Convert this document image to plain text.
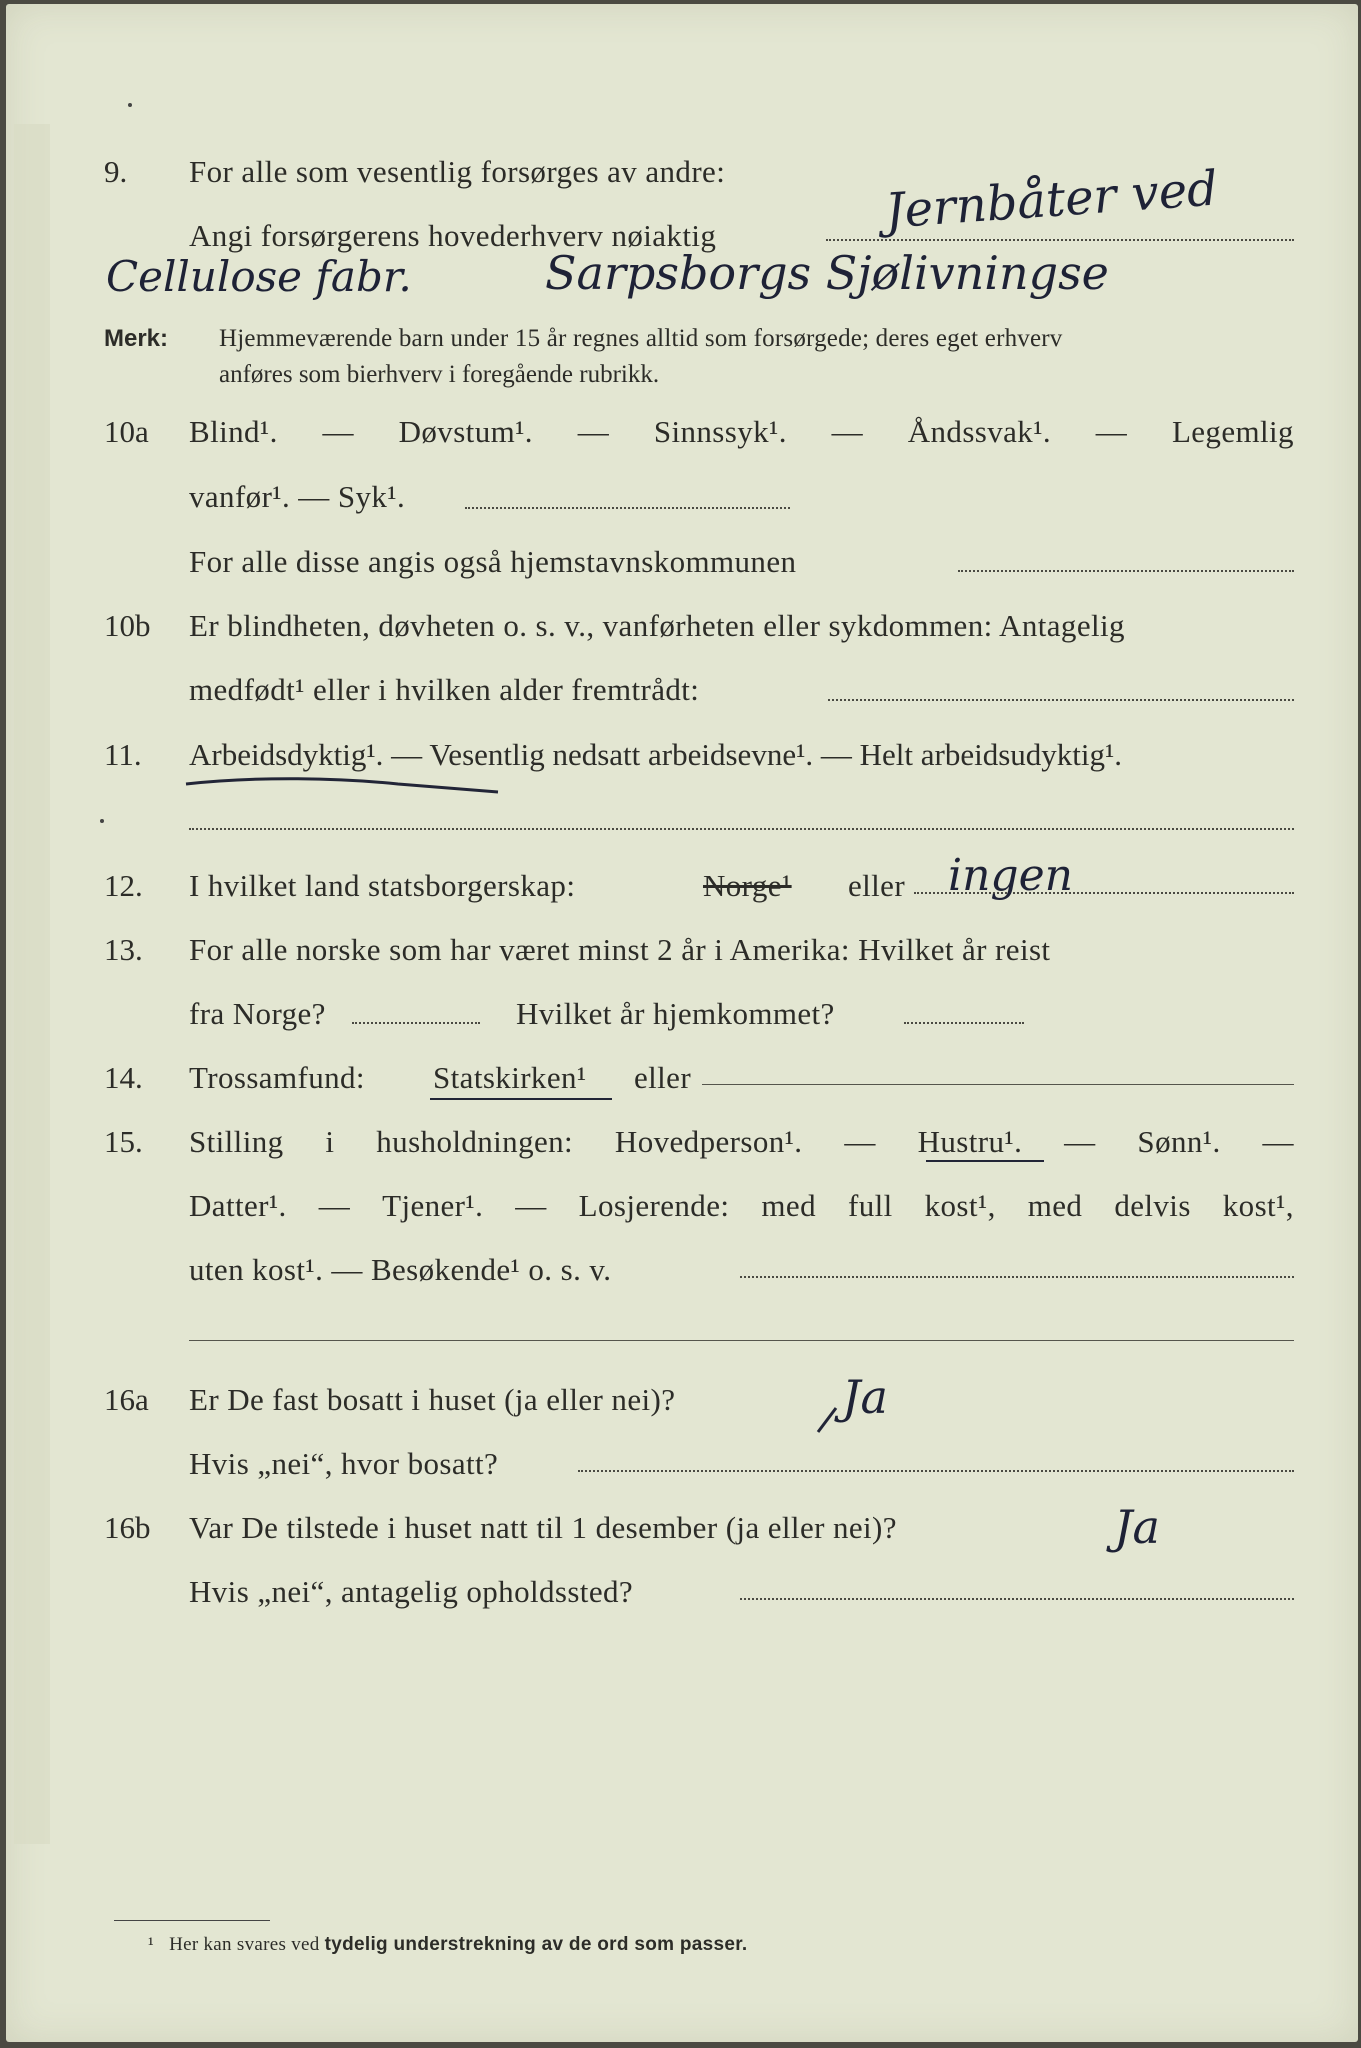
9. For alle som vesentlig forsørges av andre:
Angi forsørgerens hovederhverv nøiaktig	Jernbåter ved
Cellulose fabr.	Sarpsborgs Sjølivningse
Merk: Hjemmeværende barn under 15 år regnes alltid som forsørgede; deres eget erhverv
anføres som bierhverv i foregående rubrikk.
10a Blind¹. — Døvstum¹. — Sinnssyk¹. — Åndssvak¹. — Legemlig
vanfør¹. — Syk¹.
For alle disse angis også hjemstavnskommunen
10b Er blindheten, døvheten o. s. v., vanførheten eller sykdommen: Antagelig
medfødt¹ eller i hvilken alder fremtrådt:
11. Arbeidsdyktig¹. — Vesentlig nedsatt arbeidsevne¹. — Helt arbeidsudyktig¹.
12. I hvilket land statsborgerskap:	Norge¹ eller ingen
13. For alle norske som har været minst 2 år i Amerika: Hvilket år reist
fra Norge?	Hvilket år hjemkommet?
14. Trossamfund: Statskirken¹ eller
15. Stilling i husholdningen: Hovedperson¹. — Hustru¹. — Sønn¹. —
Datter¹. — Tjener¹. — Losjerende: med full kost¹, med delvis kost¹,
uten kost¹. — Besøkende¹ o. s. v.
16a Er De fast bosatt i huset (ja eller nei)?	Ja
Hvis „nei“, hvor bosatt?
16b Var De tilstede i huset natt til 1 desember (ja eller nei)?	Ja
Hvis „nei“, antagelig opholdssted?
¹ Her kan svares ved tydelig understrekning av de ord som passer.
